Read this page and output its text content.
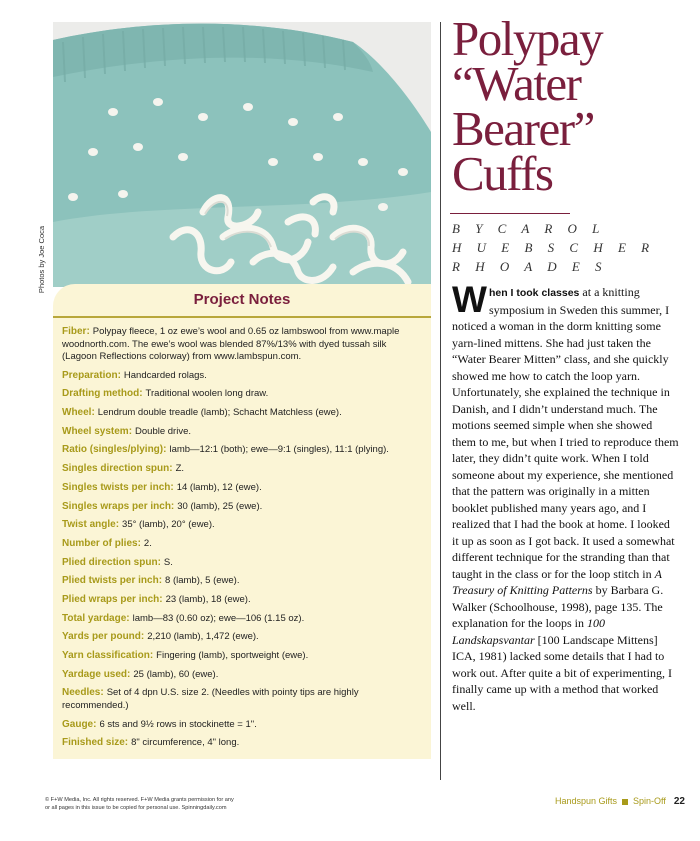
Photos by Joe Coca
Project Notes
Fiber: Polypay fleece, 1 oz ewe’s wool and 0.65 oz lambswool from www.maple woodnorth.com. The ewe’s wool was blended 87%/13% with dyed tussah silk (Lagoon Reflections colorway) from www.lambspun.com.
Preparation: Handcarded rolags.
Drafting method: Traditional woolen long draw.
Wheel: Lendrum double treadle (lamb); Schacht Matchless (ewe).
Wheel system: Double drive.
Ratio (singles/plying): lamb—12:1 (both); ewe—9:1 (singles), 11:1 (plying).
Singles direction spun: Z.
Singles twists per inch: 14 (lamb), 12 (ewe).
Singles wraps per inch: 30 (lamb), 25 (ewe).
Twist angle: 35° (lamb), 20° (ewe).
Number of plies: 2.
Plied direction spun: S.
Plied twists per inch: 8 (lamb), 5 (ewe).
Plied wraps per inch: 23 (lamb), 18 (ewe).
Total yardage: lamb—83 (0.60 oz); ewe—106 (1.15 oz).
Yards per pound: 2,210 (lamb), 1,472 (ewe).
Yarn classification: Fingering (lamb), sportweight (ewe).
Yardage used: 25 (lamb), 60 (ewe).
Needles: Set of 4 dpn U.S. size 2. (Needles with pointy tips are highly recommended.)
Gauge: 6 sts and 9½ rows in stockinette = 1".
Finished size: 8" circumference, 4" long.
Polypay
“Water
Bearer”
Cuffs

B Y C A R O L
H U E B S C H E R
R H O A D E S

When I took classes at a knitting symposium in Sweden this summer, I noticed a woman in the dorm knitting some yarn-lined mittens. She had just taken the “Water Bearer Mitten” class, and she quickly showed me how to catch the loop yarn. Unfortunately, she explained the technique in Danish, and I didn’t understand much. The motions seemed simple when she showed them to me, but when I tried to reproduce them later, they didn’t quite work. When I told someone about my experience, she mentioned that the pattern was originally in a mitten booklet published many years ago, and I realized that I had the book at home. I looked it up as soon as I got back. It used a somewhat different technique for the stranding than that taught in the class or for the loop stitch in A Treasury of Knitting Patterns by Barbara G. Walker (Schoolhouse, 1998), page 135. The explanation for the loops in 100 Landskapsvantar [100 Landscape Mittens] ICA, 1981) lacked some details that I had to work out. After quite a bit of experimenting, I finally came up with a method that worked well.

© F+W Media, Inc. All rights reserved. F+W Media grants permission for any
or all pages in this issue to be copied for personal use. Spinningdaily.com

Handspun Gifts Spin-Off 22
